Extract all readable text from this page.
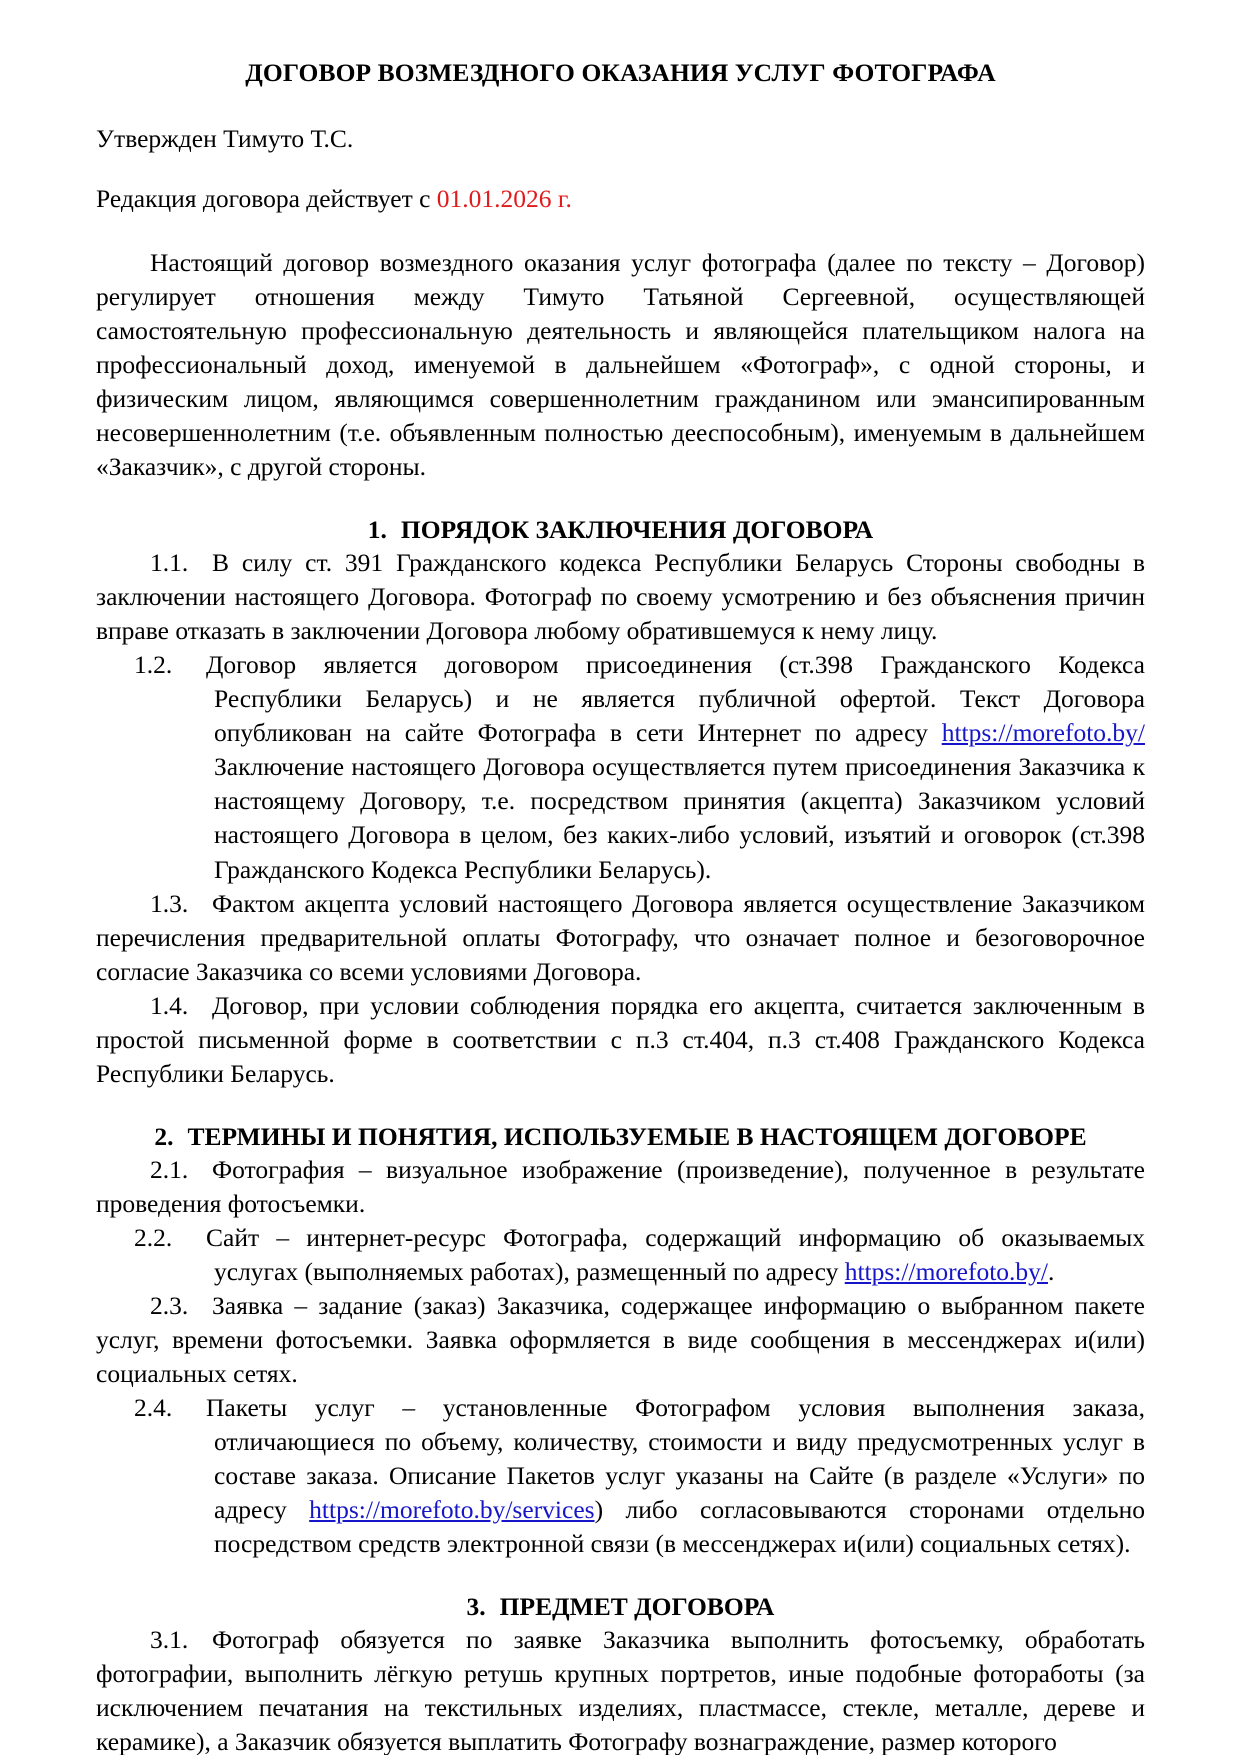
ДОГОВОР ВОЗМЕЗДНОГО ОКАЗАНИЯ УСЛУГ ФОТОГРАФА

Утвержден Тимуто Т.С.

Редакция договора действует с 01.01.2026 г.

Настоящий договор возмездного оказания услуг фотографа (далее по тексту – Договор) регулирует отношения между Тимуто Татьяной Сергеевной, осуществляющей самостоятельную профессиональную деятельность и являющейся плательщиком налога на профессиональный доход, именуемой в дальнейшем «Фотограф», с одной стороны, и физическим лицом, являющимся совершеннолетним гражданином или эмансипированным несовершеннолетним (т.е. объявленным полностью дееспособным), именуемым в дальнейшем «Заказчик», с другой стороны.

1. ПОРЯДОК ЗАКЛЮЧЕНИЯ ДОГОВОРА

1.1. В силу ст. 391 Гражданского кодекса Республики Беларусь Стороны свободны в заключении настоящего Договора. Фотограф по своему усмотрению и без объяснения причин вправе отказать в заключении Договора любому обратившемуся к нему лицу.

1.2. Договор является договором присоединения (ст.398 Гражданского Кодекса Республики Беларусь) и не является публичной офертой. Текст Договора опубликован на сайте Фотографа в сети Интернет по адресу https://morefoto.by/ Заключение настоящего Договора осуществляется путем присоединения Заказчика к настоящему Договору, т.е. посредством принятия (акцепта) Заказчиком условий настоящего Договора в целом, без каких-либо условий, изъятий и оговорок (ст.398 Гражданского Кодекса Республики Беларусь).

1.3. Фактом акцепта условий настоящего Договора является осуществление Заказчиком перечисления предварительной оплаты Фотографу, что означает полное и безоговорочное согласие Заказчика со всеми условиями Договора.

1.4. Договор, при условии соблюдения порядка его акцепта, считается заключенным в простой письменной форме в соответствии с п.3 ст.404, п.3 ст.408 Гражданского Кодекса Республики Беларусь.

2. ТЕРМИНЫ И ПОНЯТИЯ, ИСПОЛЬЗУЕМЫЕ В НАСТОЯЩЕМ ДОГОВОРЕ

2.1. Фотография – визуальное изображение (произведение), полученное в результате проведения фотосъемки.

2.2. Сайт – интернет-ресурс Фотографа, содержащий информацию об оказываемых услугах (выполняемых работах), размещенный по адресу https://morefoto.by/.

2.3. Заявка – задание (заказ) Заказчика, содержащее информацию о выбранном пакете услуг, времени фотосъемки. Заявка оформляется в виде сообщения в мессенджерах и(или) социальных сетях.

2.4. Пакеты услуг – установленные Фотографом условия выполнения заказа, отличающиеся по объему, количеству, стоимости и виду предусмотренных услуг в составе заказа. Описание Пакетов услуг указаны на Сайте (в разделе «Услуги» по адресу https://morefoto.by/services) либо согласовываются сторонами отдельно посредством средств электронной связи (в мессенджерах и(или) социальных сетях).

3. ПРЕДМЕТ ДОГОВОРА

3.1. Фотограф обязуется по заявке Заказчика выполнить фотосъемку, обработать фотографии, выполнить лёгкую ретушь крупных портретов, иные подобные фотоработы (за исключением печатания на текстильных изделиях, пластмассе, стекле, металле, дереве и керамике), а Заказчик обязуется выплатить Фотографу вознаграждение, размер которого
